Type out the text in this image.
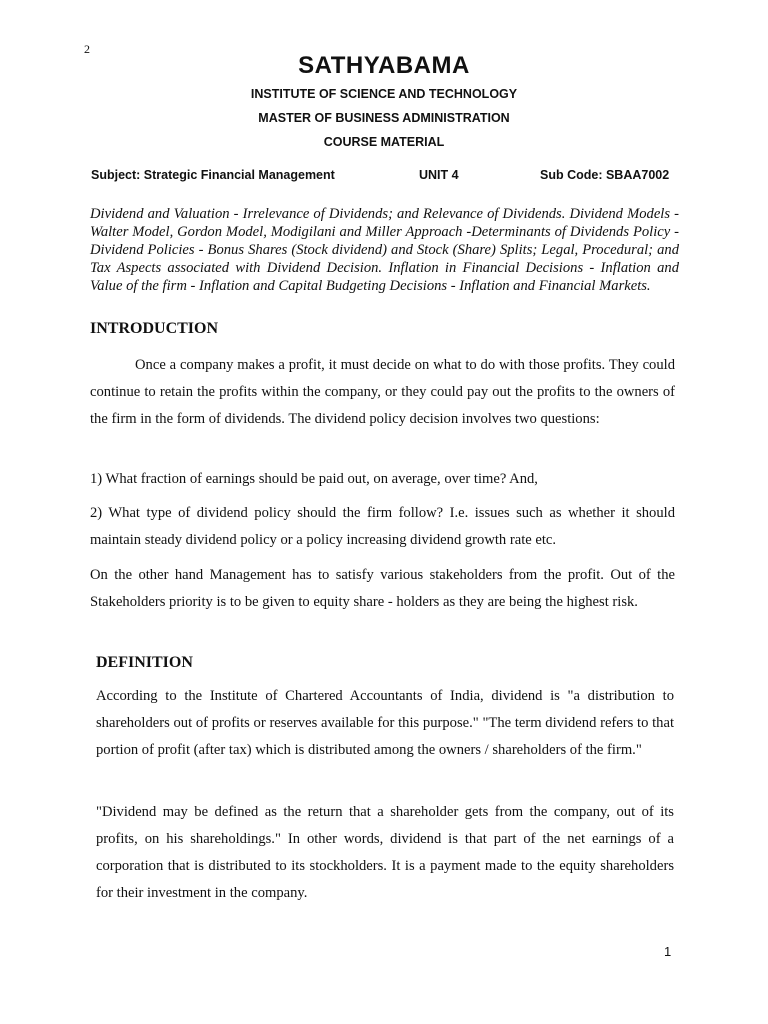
2
SATHYABAMA
INSTITUTE OF SCIENCE AND TECHNOLOGY
MASTER OF BUSINESS ADMINISTRATION
COURSE MATERIAL
Subject: Strategic Financial Management	UNIT 4	Sub Code: SBAA7002
Dividend and Valuation - Irrelevance of Dividends; and Relevance of Dividends. Dividend Models - Walter Model, Gordon Model, Modigilani and Miller Approach -Determinants of Dividends Policy - Dividend Policies - Bonus Shares (Stock dividend) and Stock (Share) Splits; Legal, Procedural; and Tax Aspects associated with Dividend Decision. Inflation in Financial Decisions - Inflation and Value of the firm - Inflation and Capital Budgeting Decisions - Inflation and Financial Markets.
INTRODUCTION
Once a company makes a profit, it must decide on what to do with those profits. They could continue to retain the profits within the company, or they could pay out the profits to the owners of the firm in the form of dividends. The dividend policy decision involves two questions:
1) What fraction of earnings should be paid out, on average, over time? And,
2) What type of dividend policy should the firm follow? I.e. issues such as whether it should maintain steady dividend policy or a policy increasing dividend growth rate etc.
On the other hand Management has to satisfy various stakeholders from the profit. Out of the Stakeholders priority is to be given to equity share - holders as they are being the highest risk.
DEFINITION
According to the Institute of Chartered Accountants of India, dividend is "a distribution to shareholders out of profits or reserves available for this purpose." "The term dividend refers to that portion of profit (after tax) which is distributed among the owners / shareholders of the firm."
"Dividend may be defined as the return that a shareholder gets from the company, out of its profits, on his shareholdings." In other words, dividend is that part of the net earnings of a corporation that is distributed to its stockholders. It is a payment made to the equity shareholders for their investment in the company.
1
